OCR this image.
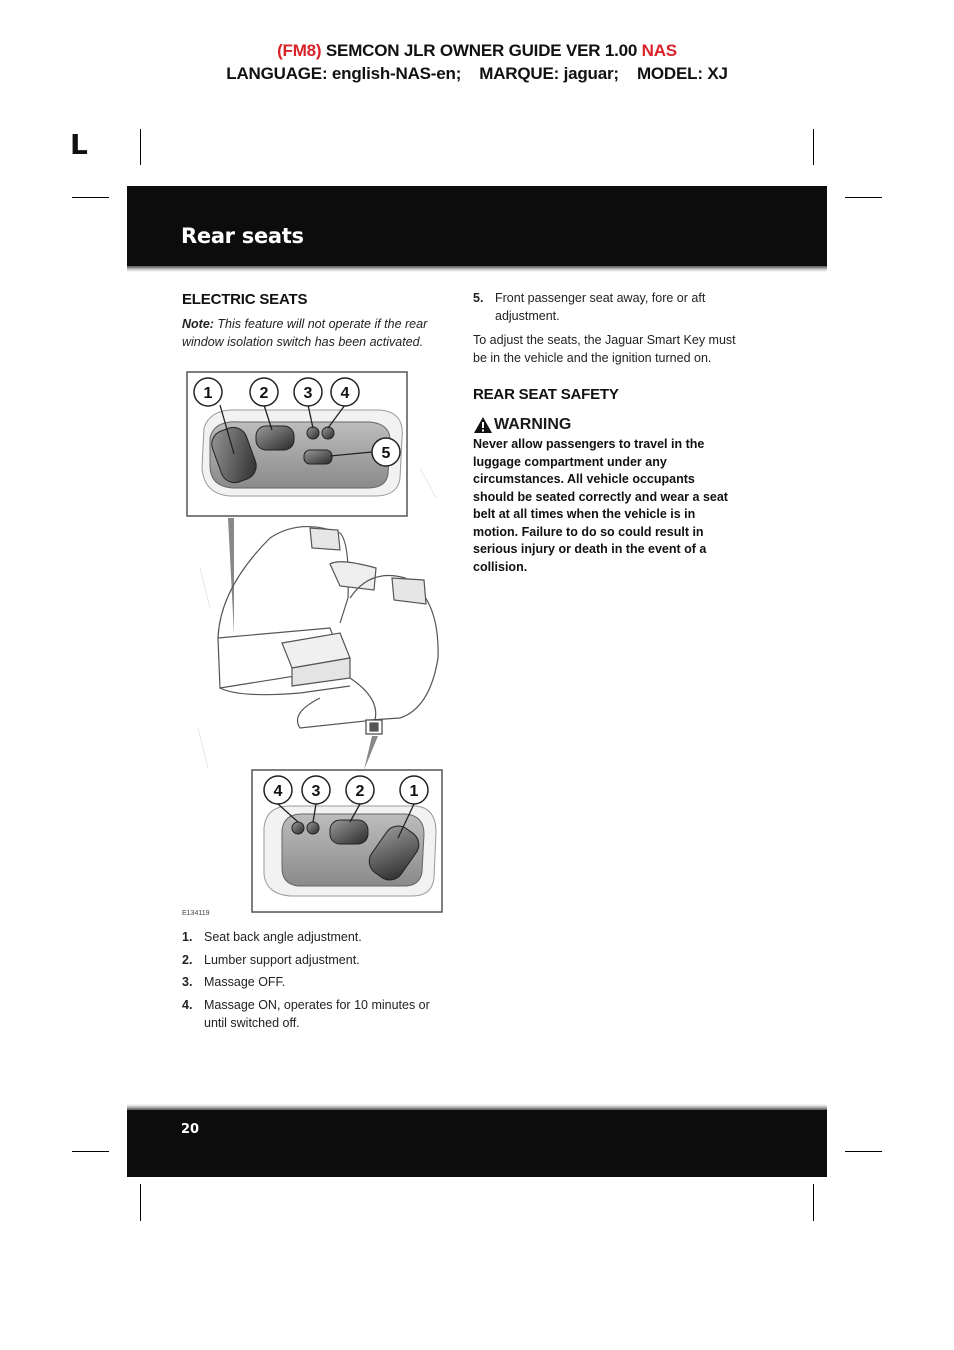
(FM8) SEMCON JLR OWNER GUIDE VER 1.00 NAS
LANGUAGE: english-NAS-en;    MARQUE: jaguar;    MODEL: XJ
L
Rear seats
ELECTRIC SEATS
Note: This feature will not operate if the rear window isolation switch has been activated.
1	2 3 4
5
4 3 2	1
E134119
1. Seat back angle adjustment.
2. Lumber support adjustment.
3. Massage OFF.
4. Massage ON, operates for 10 minutes or until switched off.
5. Front passenger seat away, fore or aft adjustment.
To adjust the seats, the Jaguar Smart Key must be in the vehicle and the ignition turned on.
REAR SEAT SAFETY
WARNING
Never allow passengers to travel in the luggage compartment under any circumstances. All vehicle occupants should be seated correctly and wear a seat belt at all times when the vehicle is in motion. Failure to do so could result in serious injury or death in the event of a collision.
20
